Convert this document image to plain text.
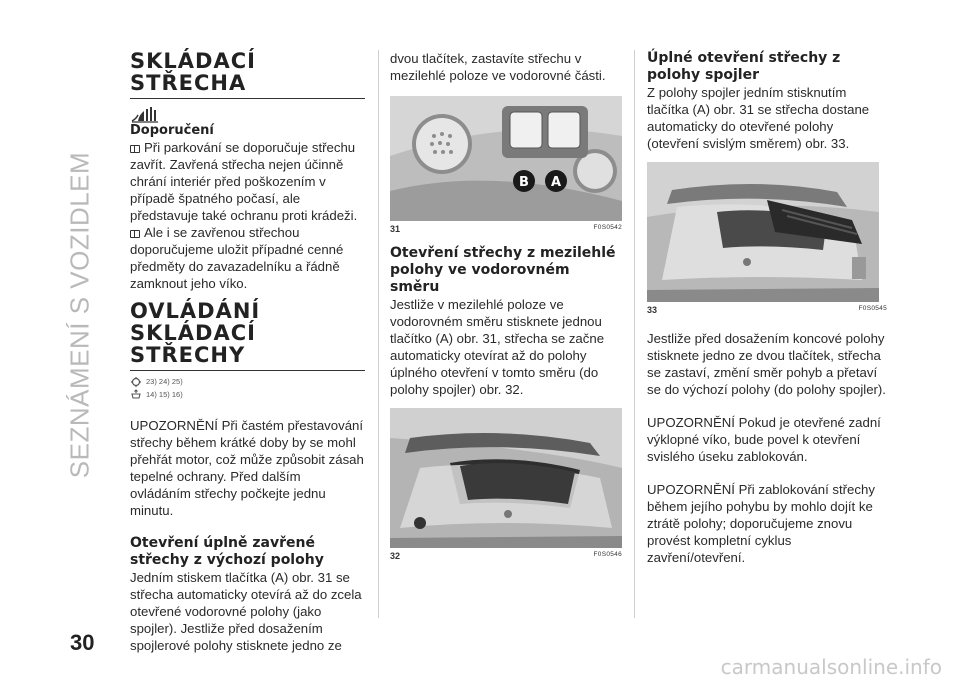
SEZNÁMENÍ S VOZIDLEM
30
SKLÁDACÍ STŘECHA
Doporučení

Při parkování se doporučuje střechu zavřít. Zavřená střecha nejen účinně chrání interiér před poškozením v případě špatného počasí, ale představuje také ochranu proti krádeži.

Ale i se zavřenou střechou doporučujeme uložit případné cenné předměty do zavazadelníku a řádně zamknout jeho víko.

OVLÁDÁNÍ SKLÁDACÍ STŘECHY
23) 24) 25)
14) 15) 16)

UPOZORNĚNÍ Při častém přestavování střechy během krátké doby by se mohl přehřát motor, což může způsobit zásah tepelné ochrany. Před dalším ovládáním střechy počkejte jednu minutu.

Otevření úplně zavřené střechy z výchozí polohy

Jedním stiskem tlačítka (A) obr. 31 se střecha automaticky otevírá až do zcela otevřené vodorovné polohy (jako spojler). Jestliže před dosažením spojlerové polohy stisknete jedno ze

dvou tlačítek, zastavíte střechu v mezilehlé poloze ve vodorovné části.

B A
31	F0S0542
Otevření střechy z mezilehlé polohy ve vodorovném směru

Jestliže v mezilehlé poloze ve vodorovném směru stisknete jednou tlačítko (A) obr. 31, střecha se začne automaticky otevírat až do polohy úplného otevření v tomto směru (do polohy spojler) obr. 32.

32	F0S0546
Úplné otevření střechy z polohy spojler

Z polohy spojler jedním stisknutím tlačítka (A) obr. 31 se střecha dostane automaticky do otevřené polohy (otevření svislým směrem) obr. 33.

33	F0S0545

Jestliže před dosažením koncové polohy stisknete jedno ze dvou tlačítek, střecha se zastaví, změní směr pohyb a přetaví se do výchozí polohy (do polohy spojler).

UPOZORNĚNÍ Pokud je otevřené zadní výklopné víko, bude povel k otevření svislého úseku zablokován.

UPOZORNĚNÍ Při zablokování střechy během jejího pohybu by mohlo dojít ke ztrátě polohy; doporučujeme znovu provést kompletní cyklus zavření/otevření.

carmanualsonline.info
